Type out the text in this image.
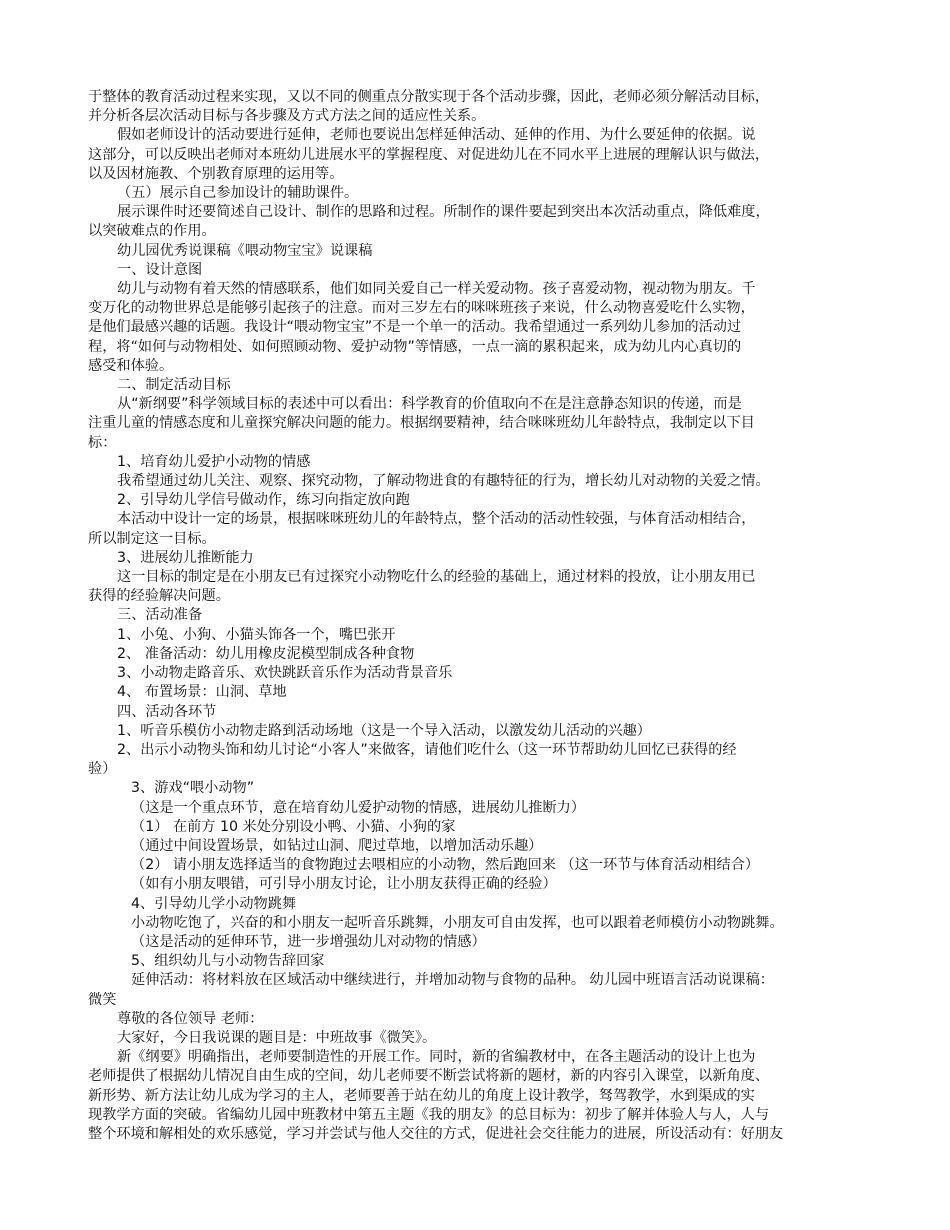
于整体的教育活动过程来实现，又以不同的侧重点分散实现于各个活动步骤，因此，老师必须分解活动目标，
并分析各层次活动目标与各步骤及方式方法之间的适应性关系。
假如老师设计的活动要进行延伸，老师也要说出怎样延伸活动、延伸的作用、为什么要延伸的依据。说
这部分，可以反映出老师对本班幼儿进展水平的掌握程度、对促进幼儿在不同水平上进展的理解认识与做法，
以及因材施教、个别教育原理的运用等。
（五）展示自己参加设计的辅助课件。
展示课件时还要简述自己设计、制作的思路和过程。所制作的课件要起到突出本次活动重点，降低难度，
以突破难点的作用。
幼儿园优秀说课稿《喂动物宝宝》说课稿
一、设计意图
幼儿与动物有着天然的情感联系，他们如同关爱自己一样关爱动物。孩子喜爱动物，视动物为朋友。千
变万化的动物世界总是能够引起孩子的注意。而对三岁左右的咪咪班孩子来说，什么动物喜爱吃什么实物，
是他们最感兴趣的话题。我设计“喂动物宝宝”不是一个单一的活动。我希望通过一系列幼儿参加的活动过
程，将“如何与动物相处、如何照顾动物、爱护动物”等情感，一点一滴的累积起来，成为幼儿内心真切的
感受和体验。
二、制定活动目标
从“新纲要”科学领域目标的表述中可以看出：科学教育的价值取向不在是注意静态知识的传递，而是
注重儿童的情感态度和儿童探究解决问题的能力。根据纲要精神，结合咪咪班幼儿年龄特点，我制定以下目
标：
1、培育幼儿爱护小动物的情感
我希望通过幼儿关注、观察、探究动物，了解动物进食的有趣特征的行为，增长幼儿对动物的关爱之情。
2、引导幼儿学信号做动作，练习向指定放向跑
本活动中设计一定的场景，根据咪咪班幼儿的年龄特点，整个活动的活动性较强，与体育活动相结合，
所以制定这一目标。
3、进展幼儿推断能力
这一目标的制定是在小朋友已有过探究小动物吃什么的经验的基础上，通过材料的投放，让小朋友用已
获得的经验解决问题。
三、活动准备
1、小兔、小狗、小猫头饰各一个，嘴巴张开
2、 准备活动：幼儿用橡皮泥模型制成各种食物
3、小动物走路音乐、欢快跳跃音乐作为活动背景音乐
4、 布置场景：山洞、草地
四、活动各环节
1、听音乐模仿小动物走路到活动场地（这是一个导入活动，以激发幼儿活动的兴趣）
2、出示小动物头饰和幼儿讨论“小客人”来做客，请他们吃什么（这一环节帮助幼儿回忆已获得的经
验）
3、游戏“喂小动物”
（这是一个重点环节，意在培育幼儿爱护动物的情感，进展幼儿推断力）
（1） 在前方 10 米处分别设小鸭、小猫、小狗的家
（通过中间设置场景，如钻过山洞、爬过草地，以增加活动乐趣）
（2） 请小朋友选择适当的食物跑过去喂相应的小动物，然后跑回来 （这一环节与体育活动相结合）
（如有小朋友喂错，可引导小朋友讨论，让小朋友获得正确的经验）
4、引导幼儿学小动物跳舞
小动物吃饱了，兴奋的和小朋友一起听音乐跳舞，小朋友可自由发挥，也可以跟着老师模仿小动物跳舞。
（这是活动的延伸环节，进一步增强幼儿对动物的情感）
5、组织幼儿与小动物告辞回家
延伸活动：将材料放在区域活动中继续进行，并增加动物与食物的品种。 幼儿园中班语言活动说课稿：
微笑
尊敬的各位领导 老师：
大家好，今日我说课的题目是：中班故事《微笑》。
新《纲要》明确指出，老师要制造性的开展工作。同时，新的省编教材中，在各主题活动的设计上也为
老师提供了根据幼儿情况自由生成的空间，幼儿老师要不断尝试将新的题材，新的内容引入课堂，以新角度、
新形势、新方法让幼儿成为学习的主人，老师要善于站在幼儿的角度上设计教学，驽驾教学，水到渠成的实
现教学方面的突破。省编幼儿园中班教材中第五主题《我的朋友》的总目标为：初步了解并体验人与人，人与
整个环境和解相处的欢乐感觉，学习并尝试与他人交往的方式，促进社会交往能力的进展，所设活动有：好朋友
